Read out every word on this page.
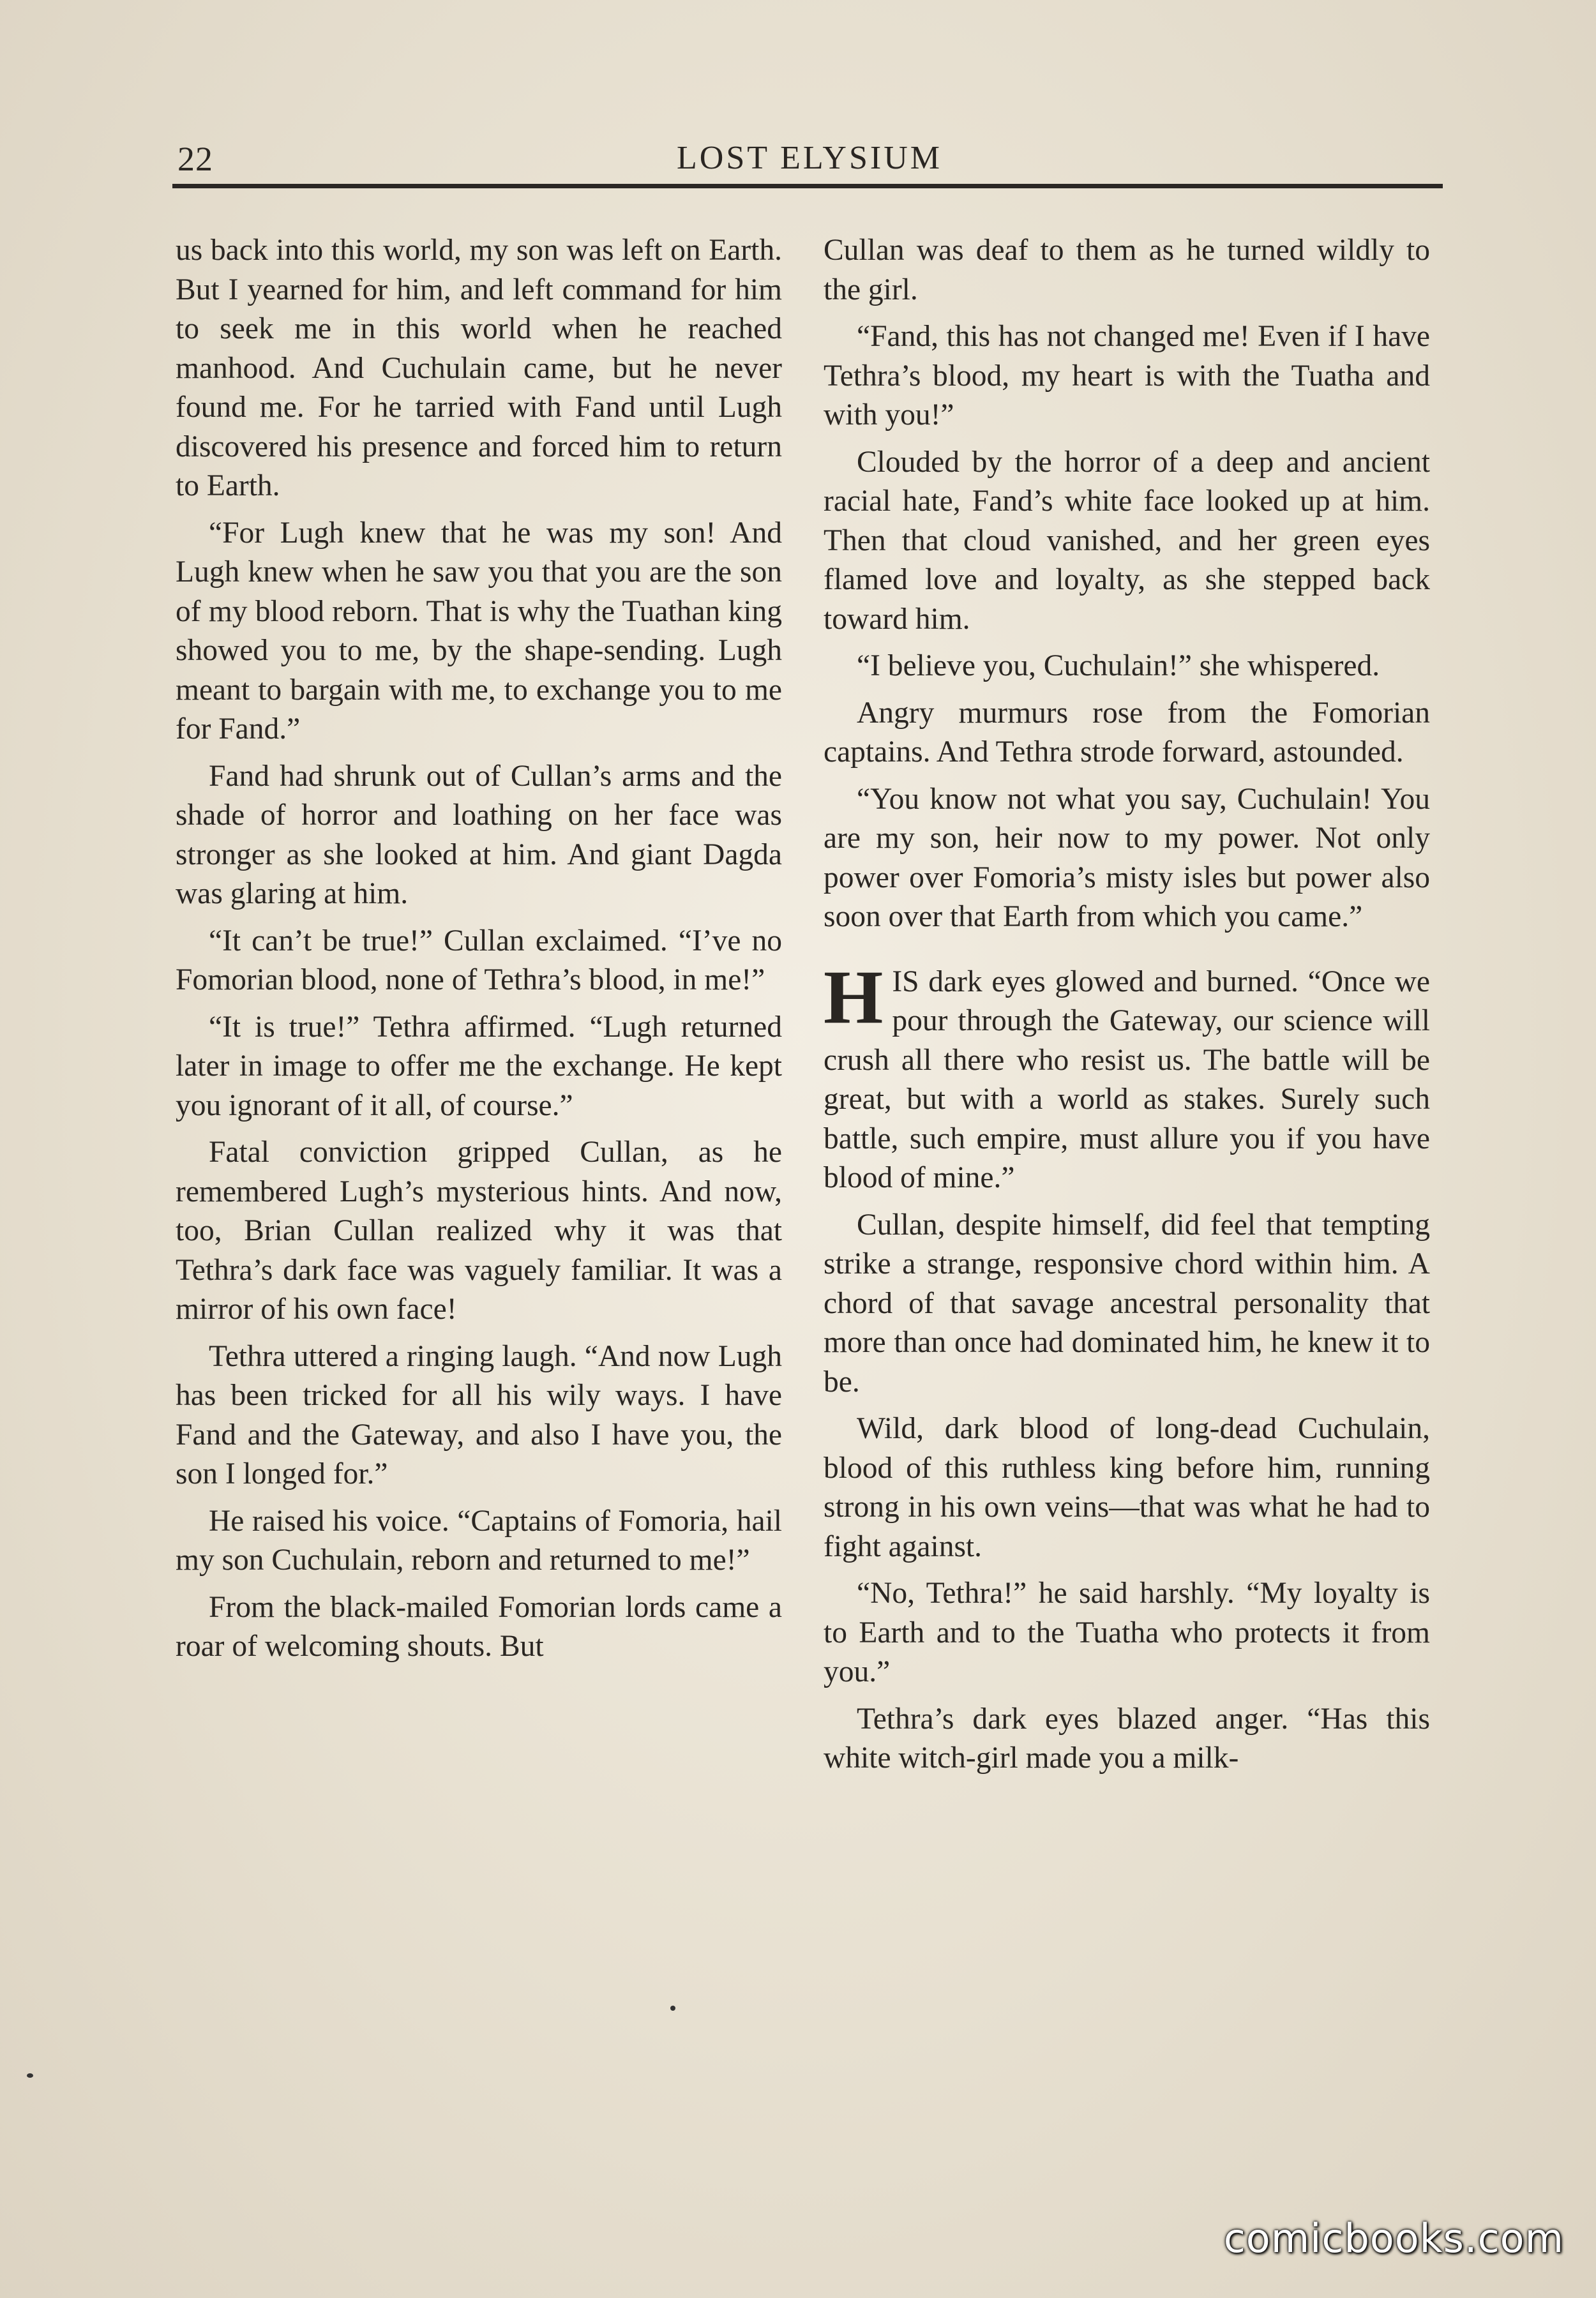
22	LOST ELYSIUM

us back into this world, my son was left on Earth. But I yearned for him, and left command for him to seek me in this world when he reached manhood. And Cuchulain came, but he never found me. For he tarried with Fand until Lugh discovered his presence and forced him to return to Earth.

“For Lugh knew that he was my son! And Lugh knew when he saw you that you are the son of my blood reborn. That is why the Tuathan king showed you to me, by the shape-sending. Lugh meant to bargain with me, to exchange you to me for Fand.”

Fand had shrunk out of Cullan’s arms and the shade of horror and loathing on her face was stronger as she looked at him. And giant Dagda was glaring at him.

“It can’t be true!” Cullan exclaimed. “I’ve no Fomorian blood, none of Tethra’s blood, in me!”

“It is true!” Tethra affirmed. “Lugh returned later in image to offer me the exchange. He kept you ignorant of it all, of course.”

Fatal conviction gripped Cullan, as he remembered Lugh’s mysterious hints. And now, too, Brian Cullan realized why it was that Tethra’s dark face was vaguely familiar. It was a mirror of his own face!

Tethra uttered a ringing laugh. “And now Lugh has been tricked for all his wily ways. I have Fand and the Gateway, and also I have you, the son I longed for.”

He raised his voice. “Captains of Fomoria, hail my son Cuchulain, reborn and returned to me!”

From the black-mailed Fomorian lords came a roar of welcoming shouts. But

Cullan was deaf to them as he turned wildly to the girl.

“Fand, this has not changed me! Even if I have Tethra’s blood, my heart is with the Tuatha and with you!”

Clouded by the horror of a deep and ancient racial hate, Fand’s white face looked up at him. Then that cloud vanished, and her green eyes flamed love and loyalty, as she stepped back toward him.

“I believe you, Cuchulain!” she whispered.

Angry murmurs rose from the Fomorian captains. And Tethra strode forward, astounded.

“You know not what you say, Cuchulain! You are my son, heir now to my power. Not only power over Fomoria’s misty isles but power also soon over that Earth from which you came.”

HIS dark eyes glowed and burned. “Once we pour through the Gateway, our science will crush all there who resist us. The battle will be great, but with a world as stakes. Surely such battle, such empire, must allure you if you have blood of mine.”

Cullan, despite himself, did feel that tempting strike a strange, responsive chord within him. A chord of that savage ancestral personality that more than once had dominated him, he knew it to be.

Wild, dark blood of long-dead Cuchulain, blood of this ruthless king before him, running strong in his own veins—that was what he had to fight against.

“No, Tethra!” he said harshly. “My loyalty is to Earth and to the Tuatha who protects it from you.”

Tethra’s dark eyes blazed anger. “Has this white witch-girl made you a milk-

comicbooks.com
